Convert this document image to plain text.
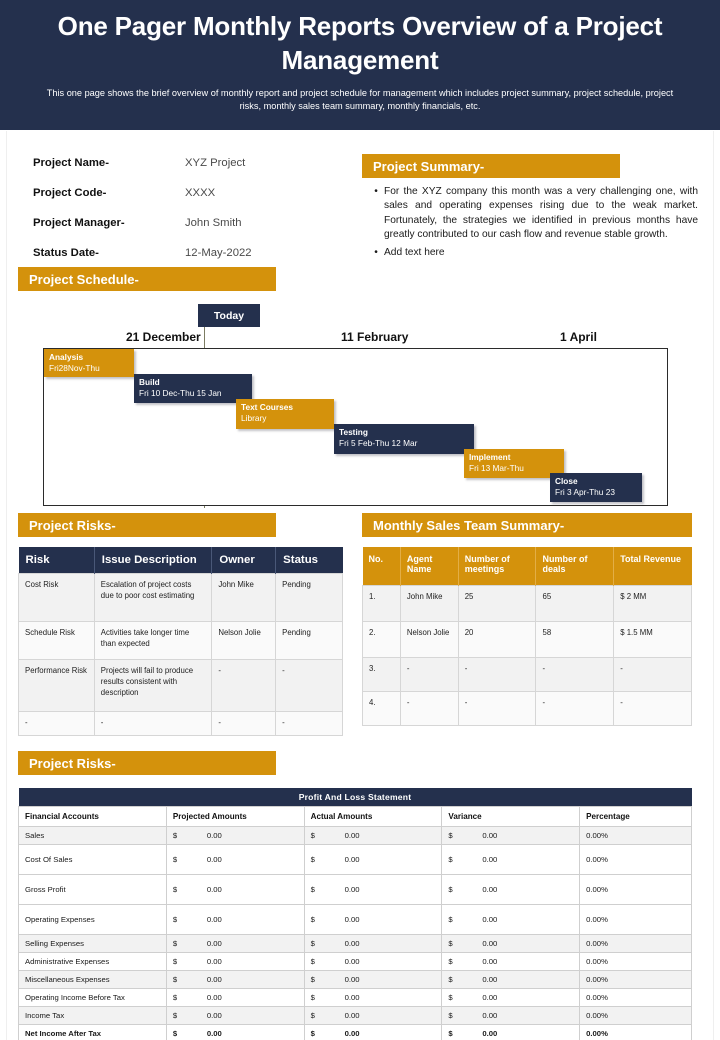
One Pager Monthly Reports Overview of a Project Management
This one page shows the brief overview of monthly report and project schedule for management which includes project summary, project schedule, project risks, monthly sales team summary, monthly financials, etc.
Project Name-	XYZ Project
Project Code-	XXXX
Project Manager-	John Smith
Status Date-	12-May-2022
Project Summary-
• For the XYZ company this month was a very challenging one, with sales and operating expenses rising due to the weak market. Fortunately, the strategies we identified in previous months have greatly contributed to our cash flow and revenue stable growth.
• Add text here
Project Schedule-
Today
21 December	11 February	1 April
Analysis
Fri28Nov-Thu
Build
Fri 10 Dec-Thu 15 Jan
Text Courses
Library
Testing
Fri 5 Feb-Thu 12 Mar
Implement
Fri 13 Mar-Thu
Close
Fri 3 Apr-Thu 23
Project Risks-
Risk	Issue Description	Owner	Status
Cost Risk	Escalation of project costs due to poor cost estimating	John Mike	Pending
Schedule Risk	Activities take longer time than expected	Nelson Jolie	Pending
Performance Risk	Projects will fail to produce results consistent with description	-	-
-	-	-	-
Monthly Sales Team Summary-
No.	Agent Name	Number of meetings	Number of deals	Total Revenue
1.	John Mike	25	65	$ 2 MM
2.	Nelson Jolie	20	58	$ 1.5 MM
3.	-	-	-	-
4.	-	-	-	-
Project Risks-
Profit And Loss Statement				
Financial Accounts	Projected Amounts	Actual Amounts	Variance	Percentage
Sales	$ 0.00	$ 0.00	$ 0.00	0.00%
Cost Of Sales	$ 0.00	$ 0.00	$ 0.00	0.00%
Gross Profit	$ 0.00	$ 0.00	$ 0.00	0.00%
Operating Expenses	$ 0.00	$ 0.00	$ 0.00	0.00%
Selling Expenses	$ 0.00	$ 0.00	$ 0.00	0.00%
Administrative Expenses	$ 0.00	$ 0.00	$ 0.00	0.00%
Miscellaneous Expenses	$ 0.00	$ 0.00	$ 0.00	0.00%
Operating Income Before Tax	$ 0.00	$ 0.00	$ 0.00	0.00%
Income Tax	$ 0.00	$ 0.00	$ 0.00	0.00%
Net Income After Tax	$ 0.00	$ 0.00	$ 0.00	0.00%
